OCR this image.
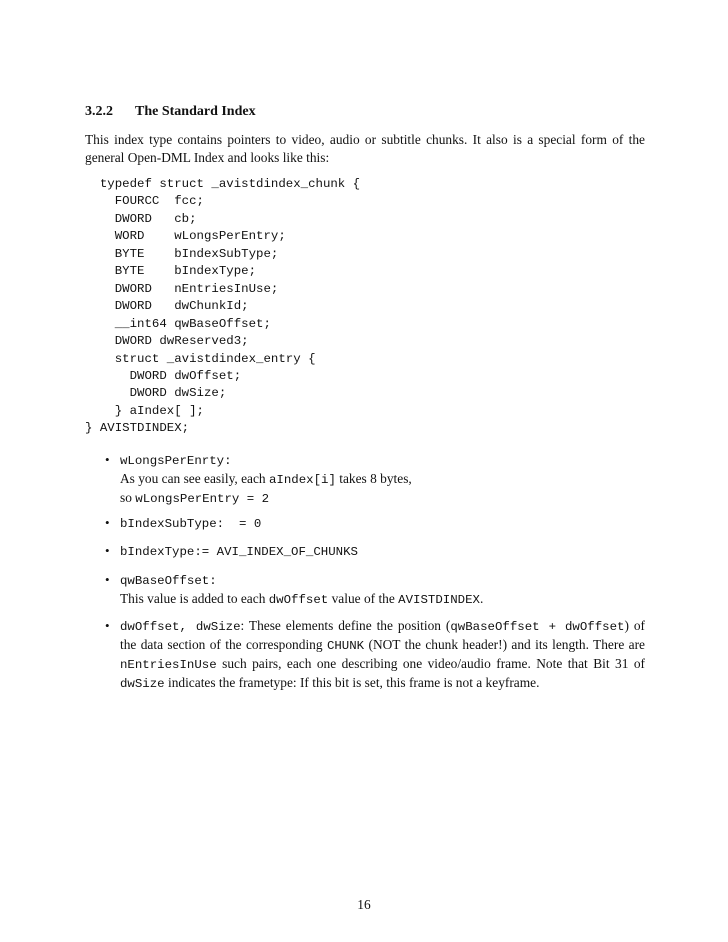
3.2.2 The Standard Index
This index type contains pointers to video, audio or subtitle chunks. It also is a special form of the general Open-DML Index and looks like this:
typedef struct _avistdindex_chunk {
FOURCC  fcc;
DWORD   cb;
WORD    wLongsPerEntry;
BYTE    bIndexSubType;
BYTE    bIndexType;
DWORD   nEntriesInUse;
DWORD   dwChunkId;
__int64 qwBaseOffset;
DWORD dwReserved3;
struct _avistdindex_entry {
DWORD dwOffset;
DWORD dwSize;
} aIndex[ ];
} AVISTDINDEX;
• wLongsPerEnrty:
As you can see easily, each aIndex[i] takes 8 bytes,
so wLongsPerEntry = 2
• bIndexSubType:  = 0
• bIndexType:= AVI_INDEX_OF_CHUNKS
• qwBaseOffset:
This value is added to each dwOffset value of the AVISTDINDEX.
• dwOffset, dwSize: These elements define the position (qwBaseOffset + dwOffset) of the data section of the corresponding CHUNK (NOT the chunk header!) and its length. There are nEntriesInUse such pairs, each one describing one video/audio frame. Note that Bit 31 of dwSize indicates the frametype: If this bit is set, this frame is not a keyframe.
16
